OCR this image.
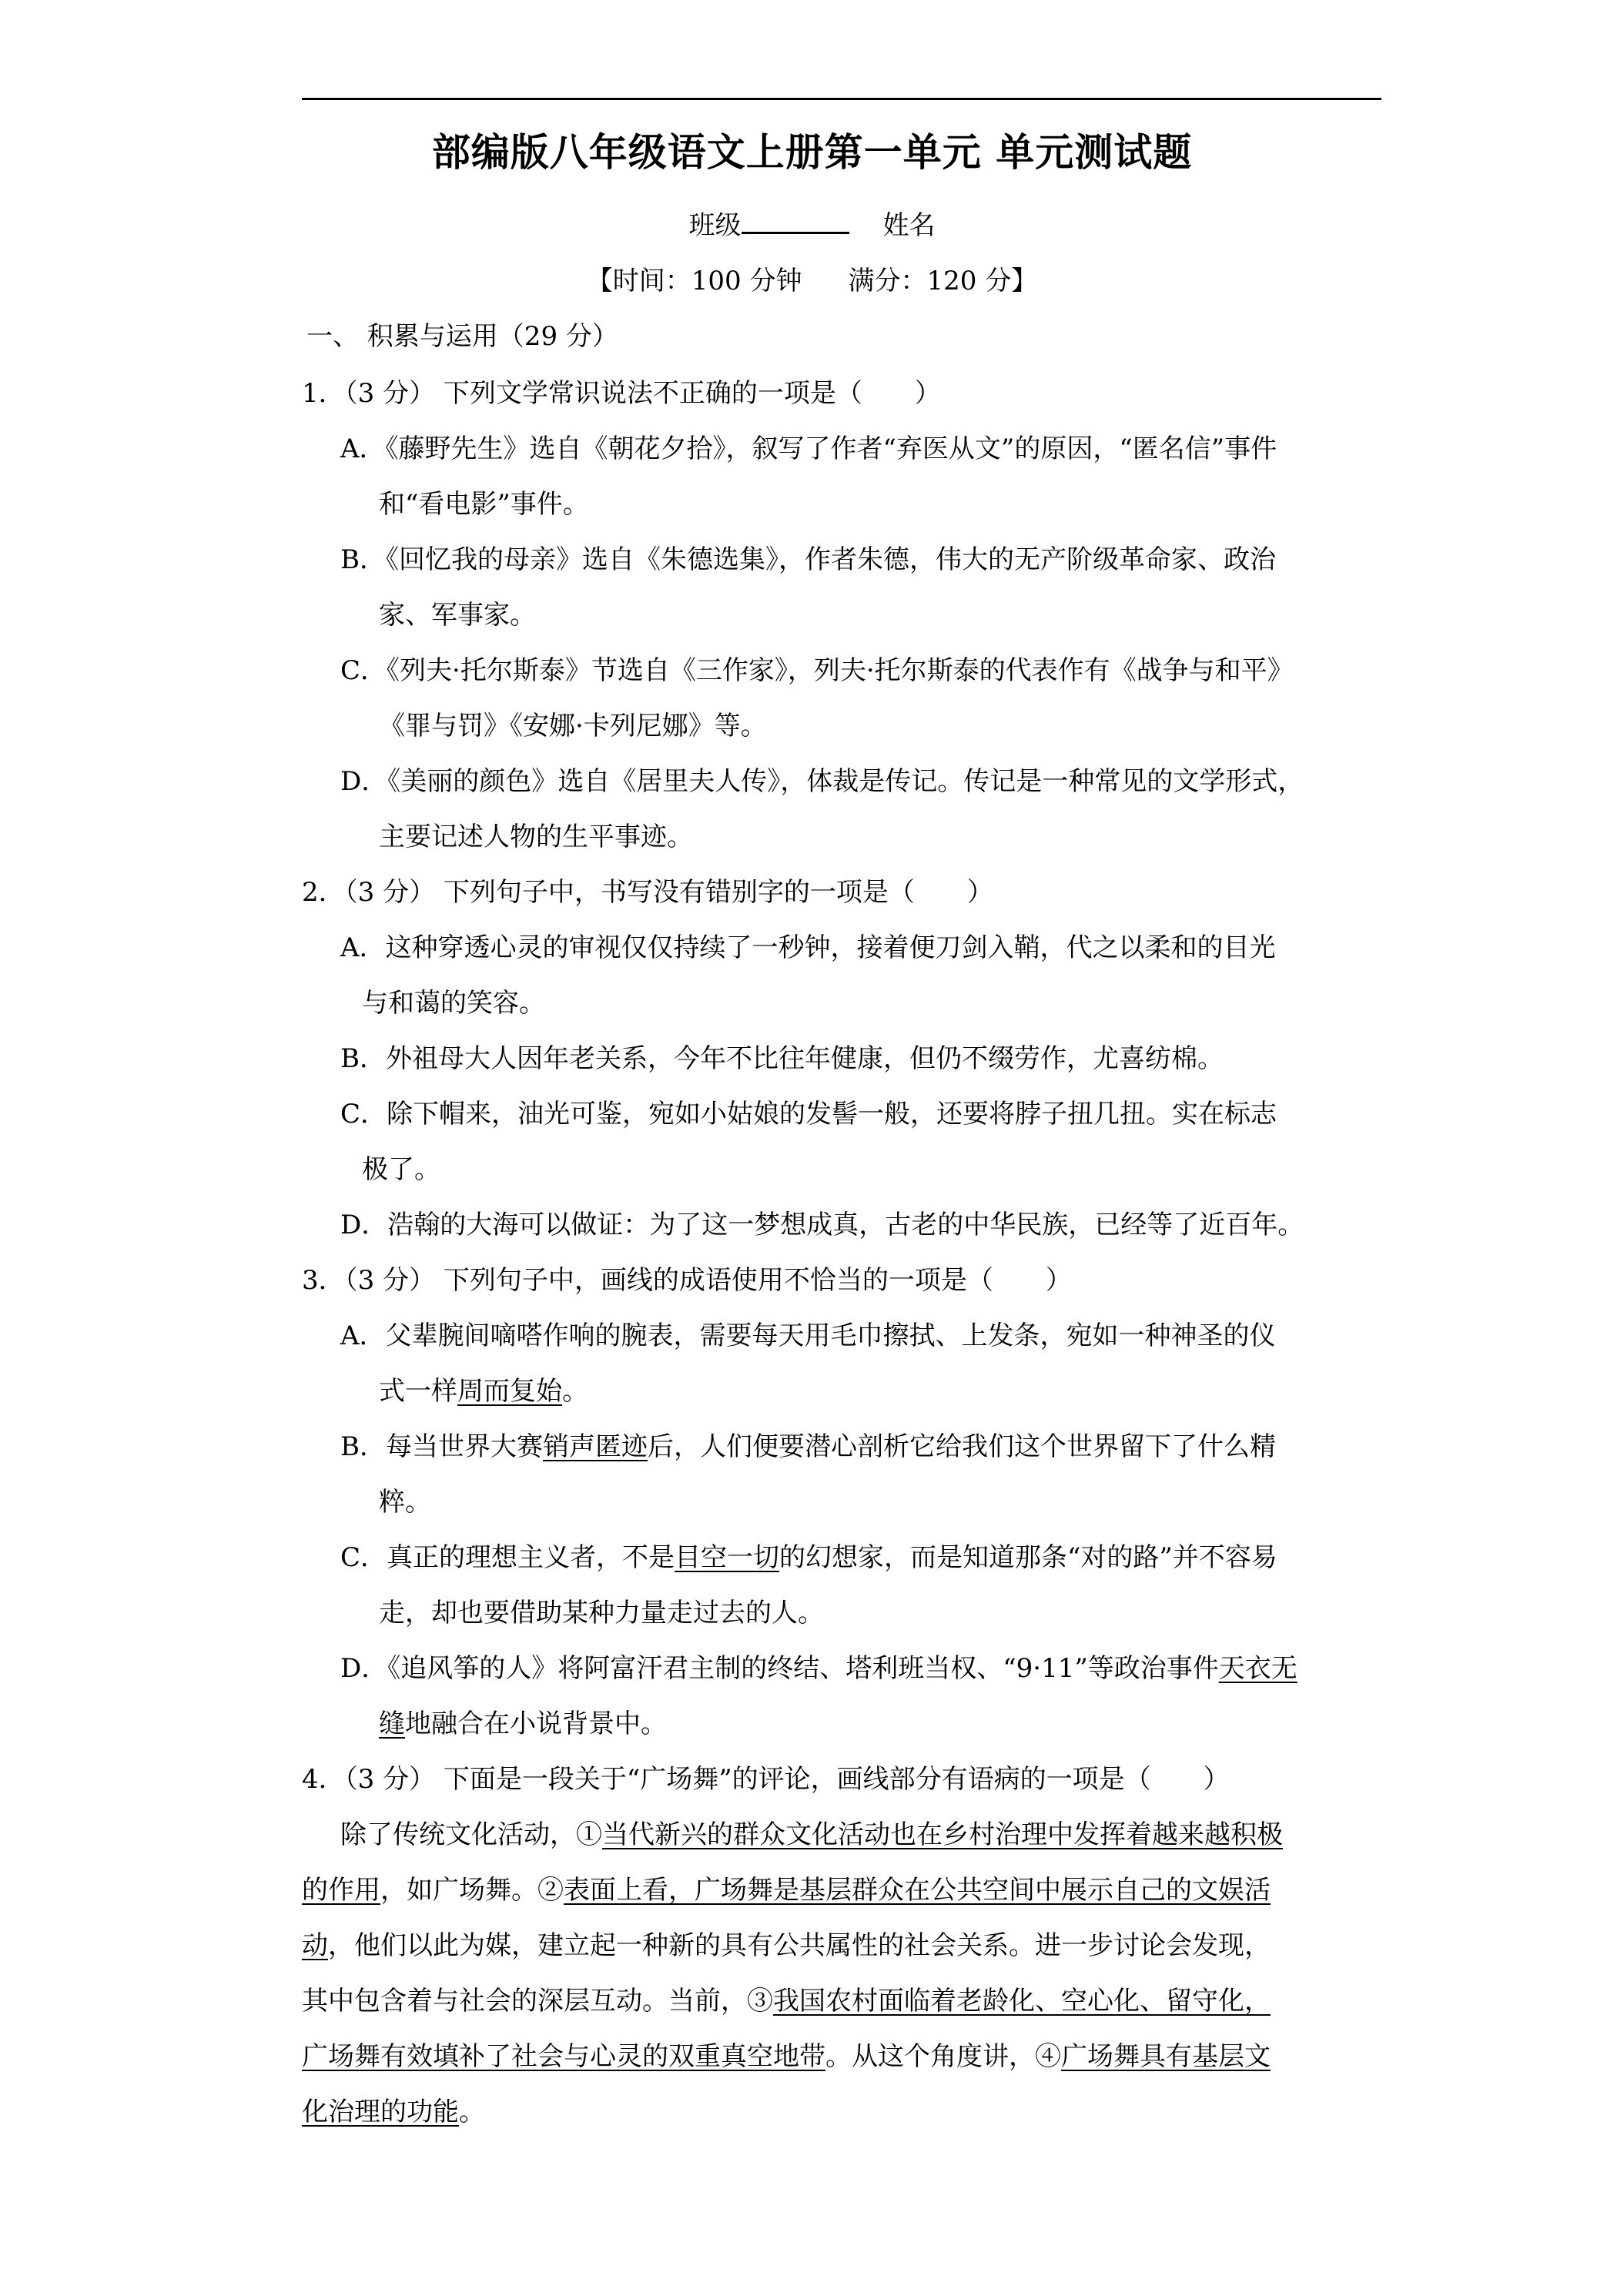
部编版八年级语文上册第一单元 单元测试题
班级	姓名
【时间：100 分钟 满分：120 分】
一、 积累与运用（29 分）
1．（3 分） 下列文学常识说法不正确的一项是（　　）
A．《藤野先生》选自《朝花夕拾》，叙写了作者“弃医从文”的原因，“匿名信”事件
和“看电影”事件。
B．《回忆我的母亲》选自《朱德选集》，作者朱德，伟大的无产阶级革命家、政治
家、军事家。
C．《列夫·托尔斯泰》节选自《三作家》，列夫·托尔斯泰的代表作有《战争与和平》
《罪与罚》《安娜·卡列尼娜》等。
D．《美丽的颜色》选自《居里夫人传》，体裁是传记。传记是一种常见的文学形式，
主要记述人物的生平事迹。
2．（3 分） 下列句子中，书写没有错别字的一项是（　　）
A．这种穿透心灵的审视仅仅持续了一秒钟，接着便刀剑入鞘，代之以柔和的目光
与和蔼的笑容。
B．外祖母大人因年老关系，今年不比往年健康，但仍不缀劳作，尤喜纺棉。
C．除下帽来，油光可鉴，宛如小姑娘的发髻一般，还要将脖子扭几扭。实在标志
极了。
D．浩翰的大海可以做证：为了这一梦想成真，古老的中华民族，已经等了近百年。
3．（3 分） 下列句子中，画线的成语使用不恰当的一项是（　　）
A．父辈腕间嘀嗒作响的腕表，需要每天用毛巾擦拭、上发条，宛如一种神圣的仪
式一样周而复始。
B．每当世界大赛销声匿迹后，人们便要潜心剖析它给我们这个世界留下了什么精
粹。
C．真正的理想主义者，不是目空一切的幻想家，而是知道那条“对的路”并不容易
走，却也要借助某种力量走过去的人。
D．《追风筝的人》将阿富汗君主制的终结、塔利班当权、“9·11”等政治事件天衣无
缝地融合在小说背景中。
4．（3 分） 下面是一段关于“广场舞”的评论，画线部分有语病的一项是（　　）
除了传统文化活动，①当代新兴的群众文化活动也在乡村治理中发挥着越来越积极
的作用，如广场舞。②表面上看，广场舞是基层群众在公共空间中展示自己的文娱活
动，他们以此为媒，建立起一种新的具有公共属性的社会关系。进一步讨论会发现，
其中包含着与社会的深层互动。当前，③我国农村面临着老龄化、空心化、留守化，
广场舞有效填补了社会与心灵的双重真空地带。从这个角度讲，④广场舞具有基层文
化治理的功能。
